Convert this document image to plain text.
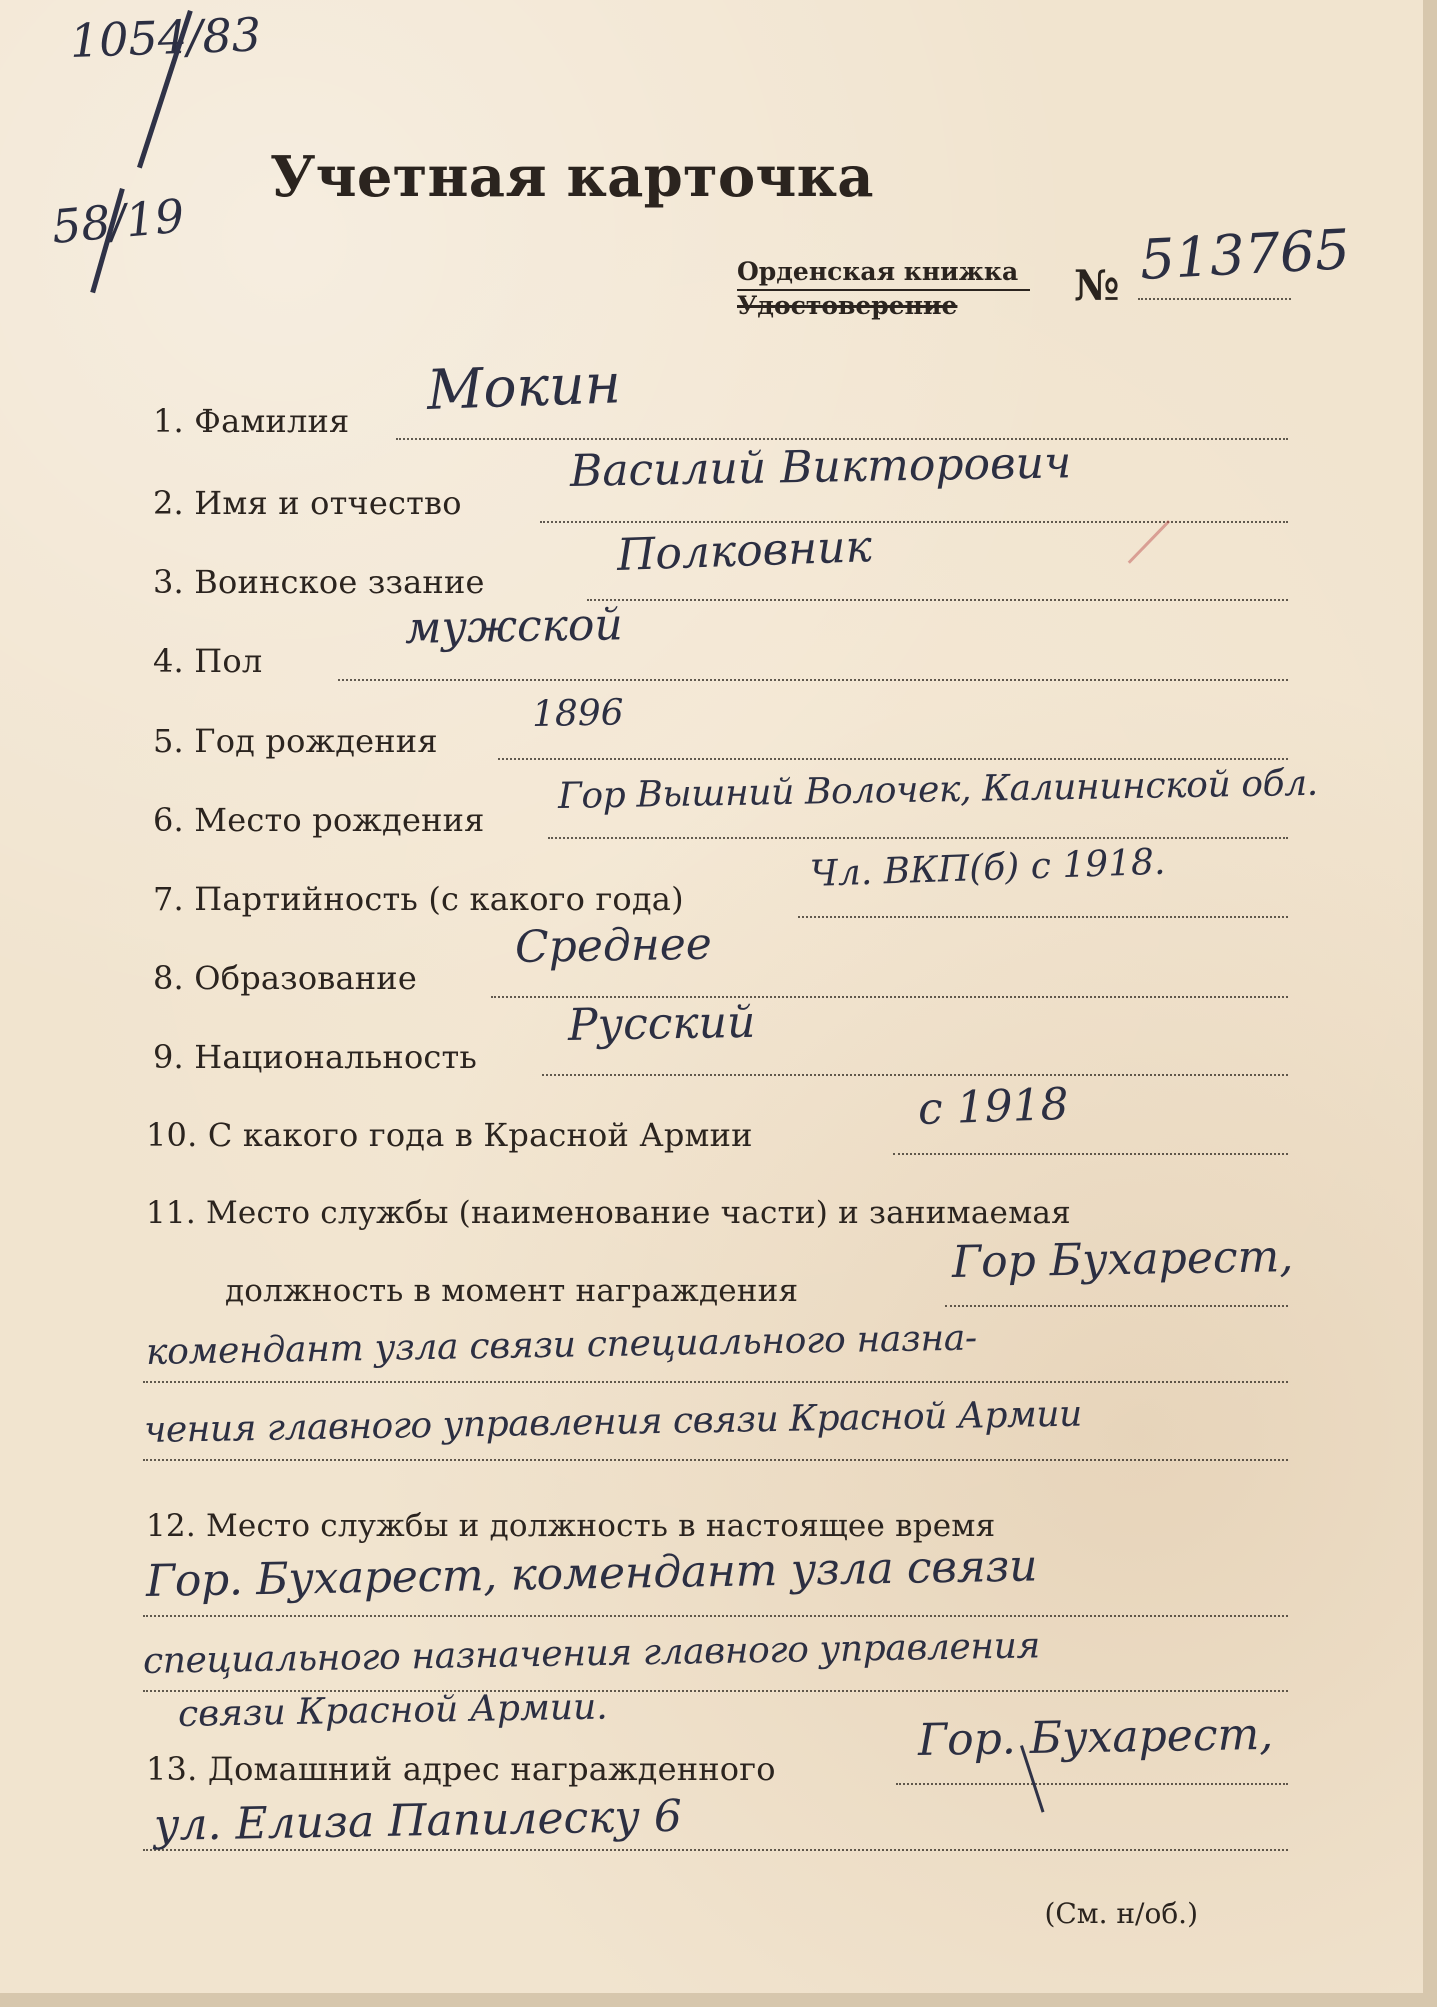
1054/83
58/19
Учетная карточка
Орденская книжка
Удостоверение	№ 513765
1. Фамилия Мокин
2. Имя и отчество
Василий Викторович
3. Воинское ззание
Полковник
4. Пол
мужской
5. Год рождения
1896
6. Место рождения
Гор Вышний Волочек, Калининской обл.
7. Партийность (с какого года)
Чл. ВКП(б) с 1918.
8. Образование
Среднее
9. Национальность
Русский
10. С какого года в Красной Армии
с 1918
11. Место службы (наименование части) и занимаемая
должность в момент награждения
Гор Бухарест,
комендант узла связи специального назна-
чения главного управления связи Красной Армии
12. Место службы и должность в настоящее время
Гор. Бухарест, комендант узла связи
специального назначения главного управления
связи Красной Армии.
13. Домашний адрес награжденного
Гор. Бухарест,
ул. Елиза Папилеску 6
(См. н/об.)
